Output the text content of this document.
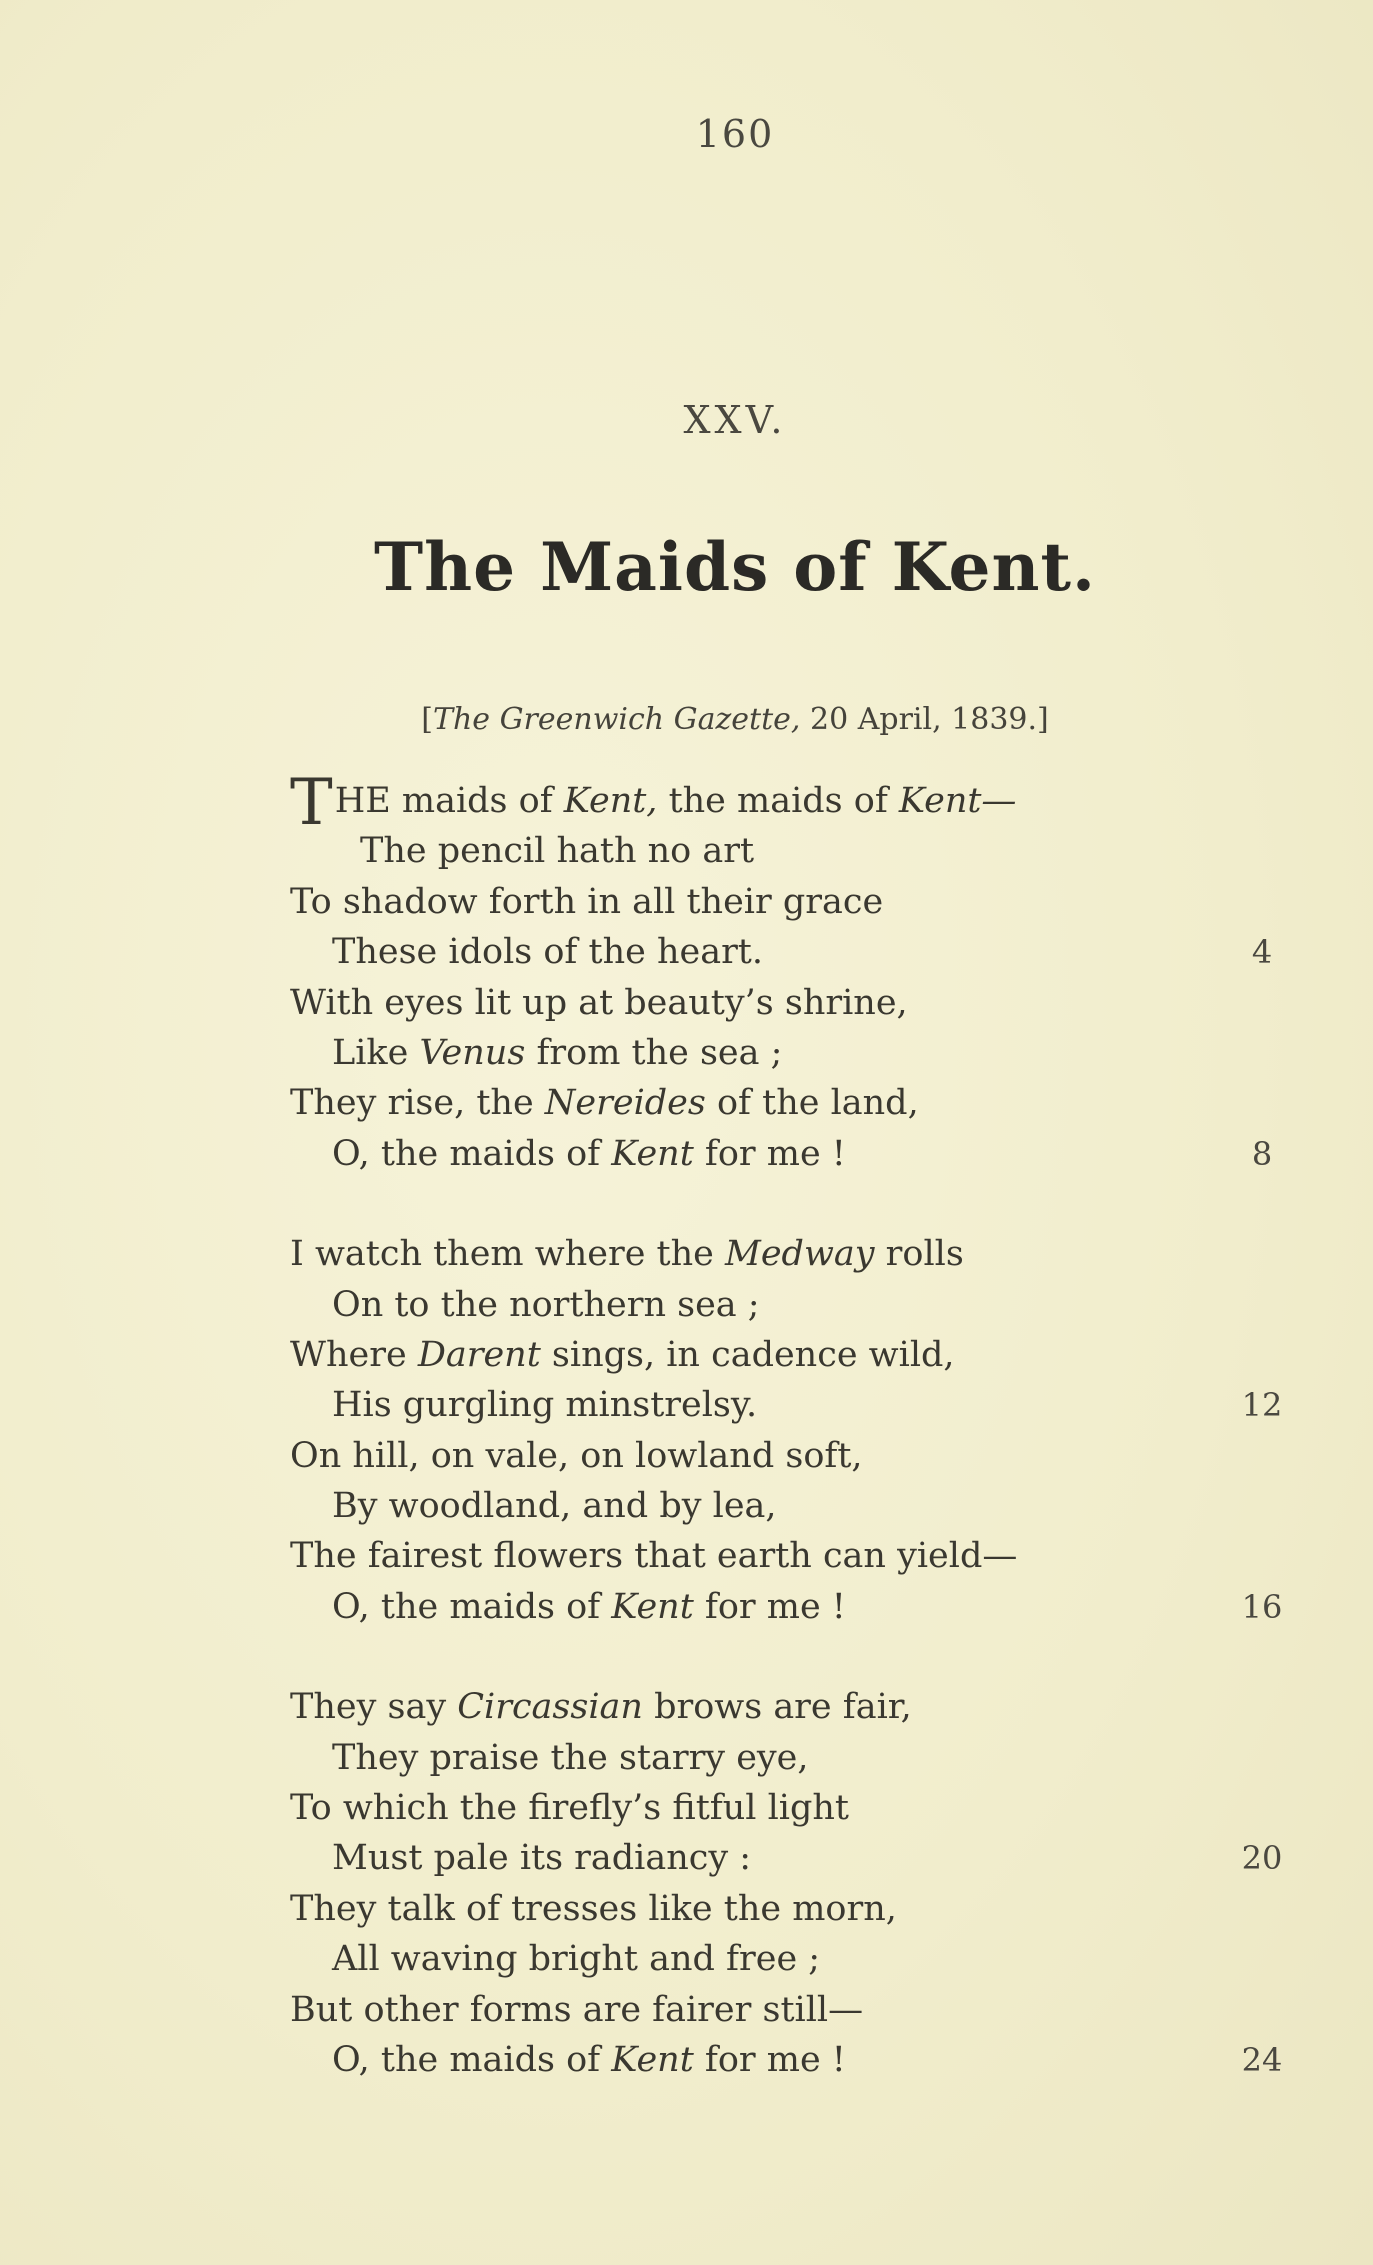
160
XXV.
The Maids of Kent.
[The Greenwich Gazette, 20 April, 1839.]
THE maids of Kent, the maids of Kent—
The pencil hath no art
To shadow forth in all their grace
These idols of the heart.	4
With eyes lit up at beauty’s shrine,
Like Venus from the sea ;
They rise, the Nereides of the land,
O, the maids of Kent for me !	8
I watch them where the Medway rolls
On to the northern sea ;
Where Darent sings, in cadence wild,
His gurgling minstrelsy.	12
On hill, on vale, on lowland soft,
By woodland, and by lea,
The fairest flowers that earth can yield—
O, the maids of Kent for me !	16
They say Circassian brows are fair,
They praise the starry eye,
To which the firefly’s fitful light
Must pale its radiancy :	20
They talk of tresses like the morn,
All waving bright and free ;
But other forms are fairer still—
O, the maids of Kent for me !	24
